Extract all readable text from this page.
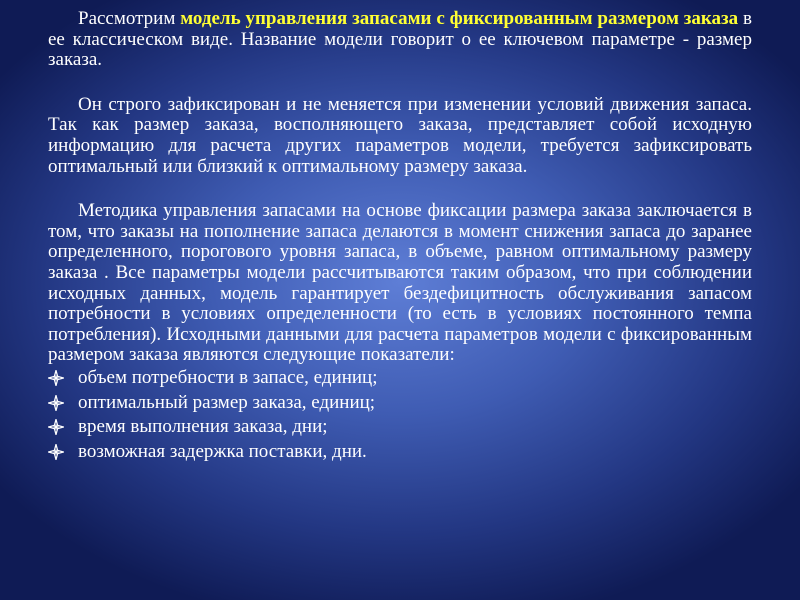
Рассмотрим модель управления запасами с фиксированным размером заказа в ее классическом виде. Название модели говорит о ее ключевом параметре - размер заказа.

Он строго зафиксирован и не меняется при изменении условий движения запаса. Так как размер заказа, восполняющего заказа, представляет собой исходную информацию для расчета других параметров модели, требуется зафиксировать оптимальный или близкий к оптимальному размеру заказа.

Методика управления запасами на основе фиксации размера заказа заключается в том, что заказы на пополнение запаса делаются в момент снижения запаса до заранее определенного, порогового уровня запаса, в объеме, равном оптимальному размеру заказа . Все параметры модели рассчитываются таким образом, что при соблюдении исходных данных, модель гарантирует бездефицитность обслуживания запасом потребности в условиях определенности (то есть в условиях постоянного темпа потребления). Исходными данными для расчета параметров модели с фиксированным размером заказа являются следующие показатели:

объем потребности в запасе, единиц;
оптимальный размер заказа, единиц;
время выполнения заказа, дни;
возможная задержка поставки, дни.
